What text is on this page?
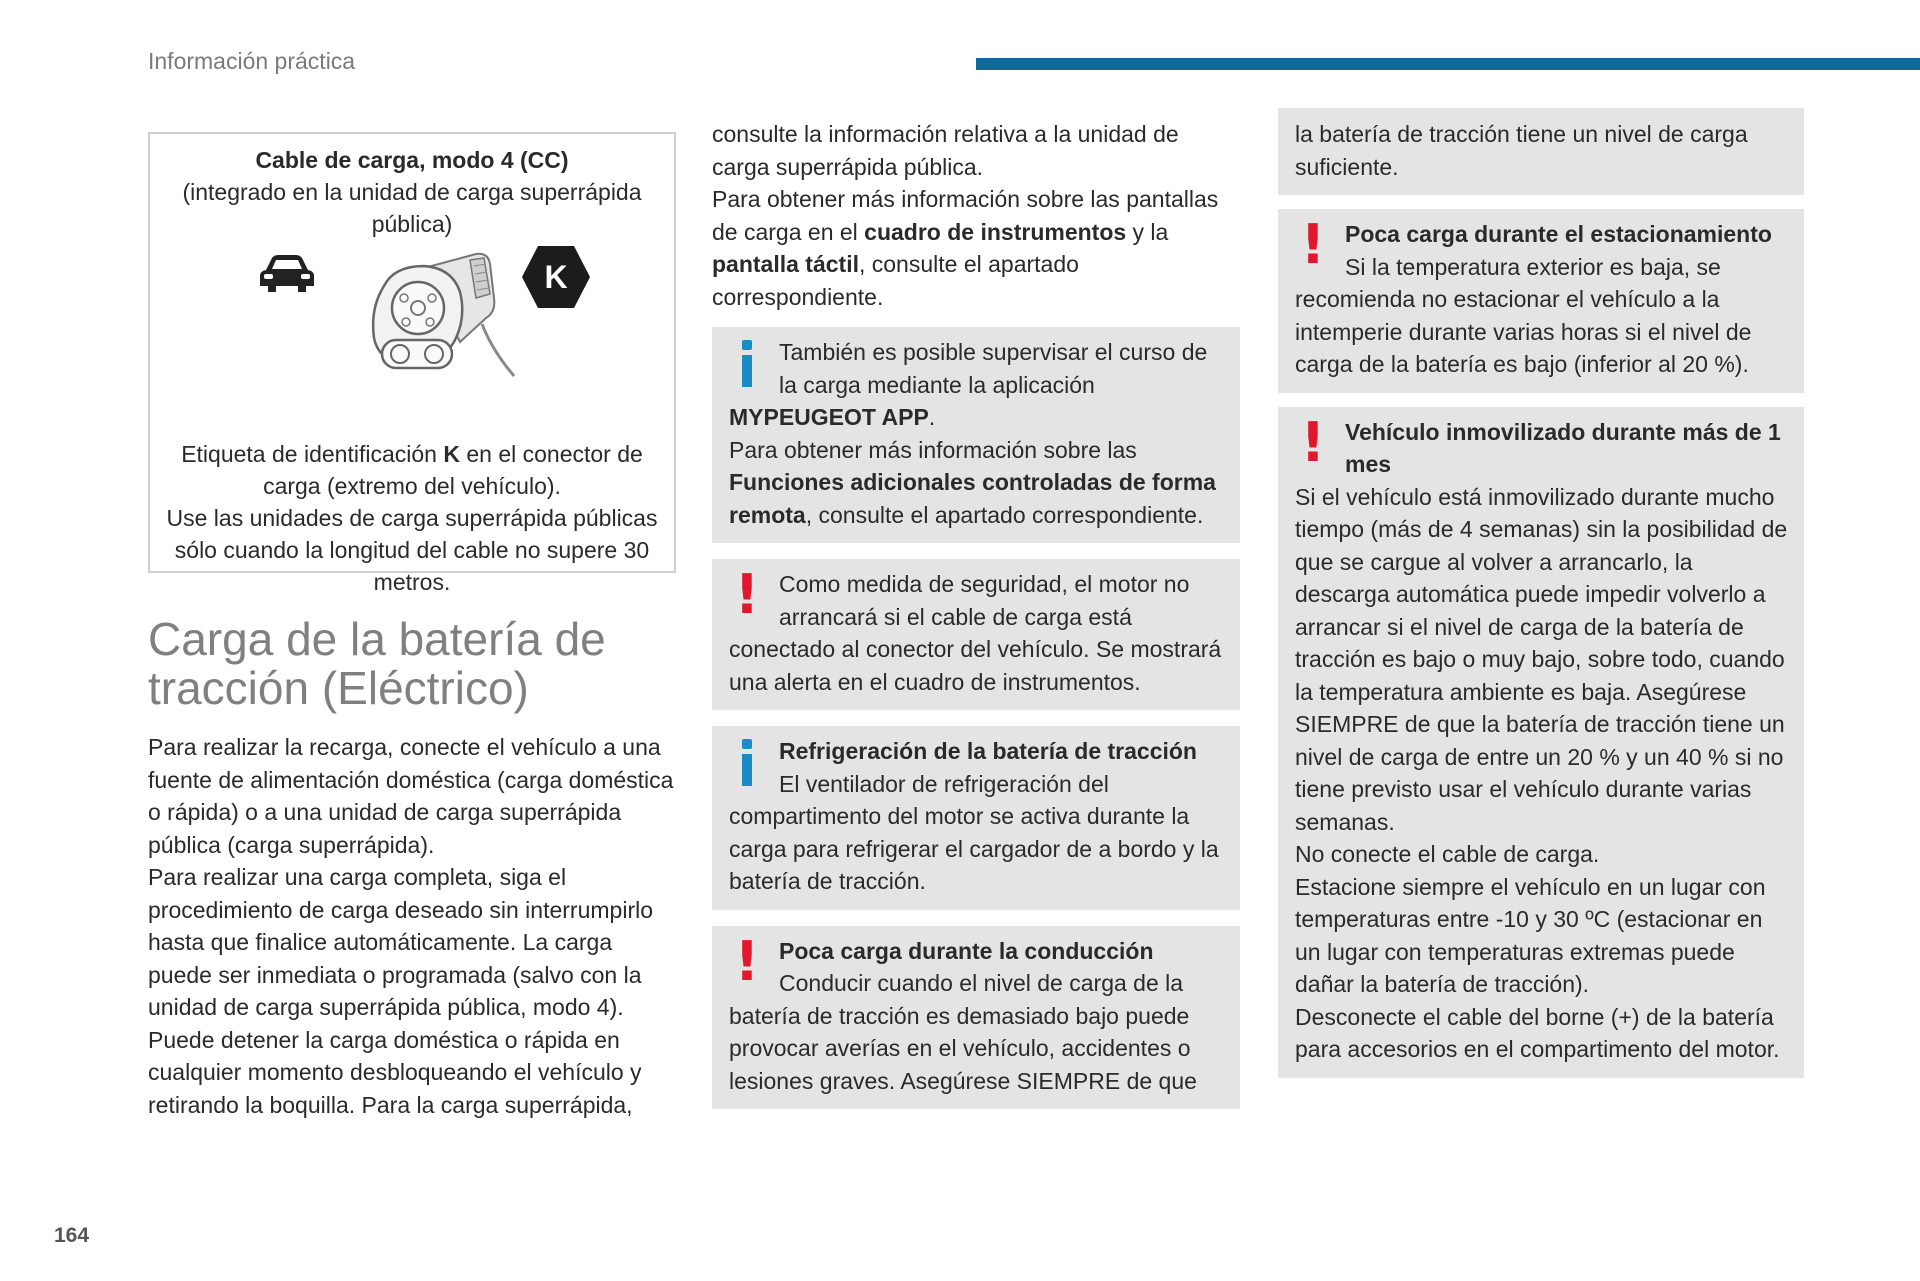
Información práctica
Cable de carga, modo 4 (CC)
(integrado en la unidad de carga superrápida pública)
K
Etiqueta de identificación K en el conector de carga (extremo del vehículo).
Use las unidades de carga superrápida públicas sólo cuando la longitud del cable no supere 30 metros.
Carga de la batería de tracción (Eléctrico)

Para realizar la recarga, conecte el vehículo a una fuente de alimentación doméstica (carga doméstica o rápida) o a una unidad de carga superrápida pública (carga superrápida).

Para realizar una carga completa, siga el procedimiento de carga deseado sin interrumpirlo hasta que finalice automáticamente. La carga puede ser inmediata o programada (salvo con la unidad de carga superrápida pública, modo 4).

Puede detener la carga doméstica o rápida en cualquier momento desbloqueando el vehículo y retirando la boquilla. Para la carga superrápida,

consulte la información relativa a la unidad de carga superrápida pública.

Para obtener más información sobre las pantallas de carga en el cuadro de instrumentos y la pantalla táctil, consulte el apartado correspondiente.

También es posible supervisar el curso de la carga mediante la aplicación MYPEUGEOT APP.
Para obtener más información sobre las Funciones adicionales controladas de forma remota, consulte el apartado correspondiente.
! Como medida de seguridad, el motor no arrancará si el cable de carga está conectado al conector del vehículo. Se mostrará una alerta en el cuadro de instrumentos.
Refrigeración de la batería de tracción
El ventilador de refrigeración del compartimento del motor se activa durante la carga para refrigerar el cargador de a bordo y la batería de tracción.
! Poca carga durante la conducción
Conducir cuando el nivel de carga de la batería de tracción es demasiado bajo puede provocar averías en el vehículo, accidentes o lesiones graves. Asegúrese SIEMPRE de que
la batería de tracción tiene un nivel de carga suficiente.
! Poca carga durante el estacionamiento
Si la temperatura exterior es baja, se recomienda no estacionar el vehículo a la intemperie durante varias horas si el nivel de carga de la batería es bajo (inferior al 20 %).
! Vehículo inmovilizado durante más de 1 mes
Si el vehículo está inmovilizado durante mucho tiempo (más de 4 semanas) sin la posibilidad de que se cargue al volver a arrancarlo, la descarga automática puede impedir volverlo a arrancar si el nivel de carga de la batería de tracción es bajo o muy bajo, sobre todo, cuando la temperatura ambiente es baja. Asegúrese SIEMPRE de que la batería de tracción tiene un nivel de carga de entre un 20 % y un 40 % si no tiene previsto usar el vehículo durante varias semanas.
No conecte el cable de carga.
Estacione siempre el vehículo en un lugar con temperaturas entre -10 y 30 ºC (estacionar en un lugar con temperaturas extremas puede dañar la batería de tracción).
Desconecte el cable del borne (+) de la batería para accesorios en el compartimento del motor.
164
